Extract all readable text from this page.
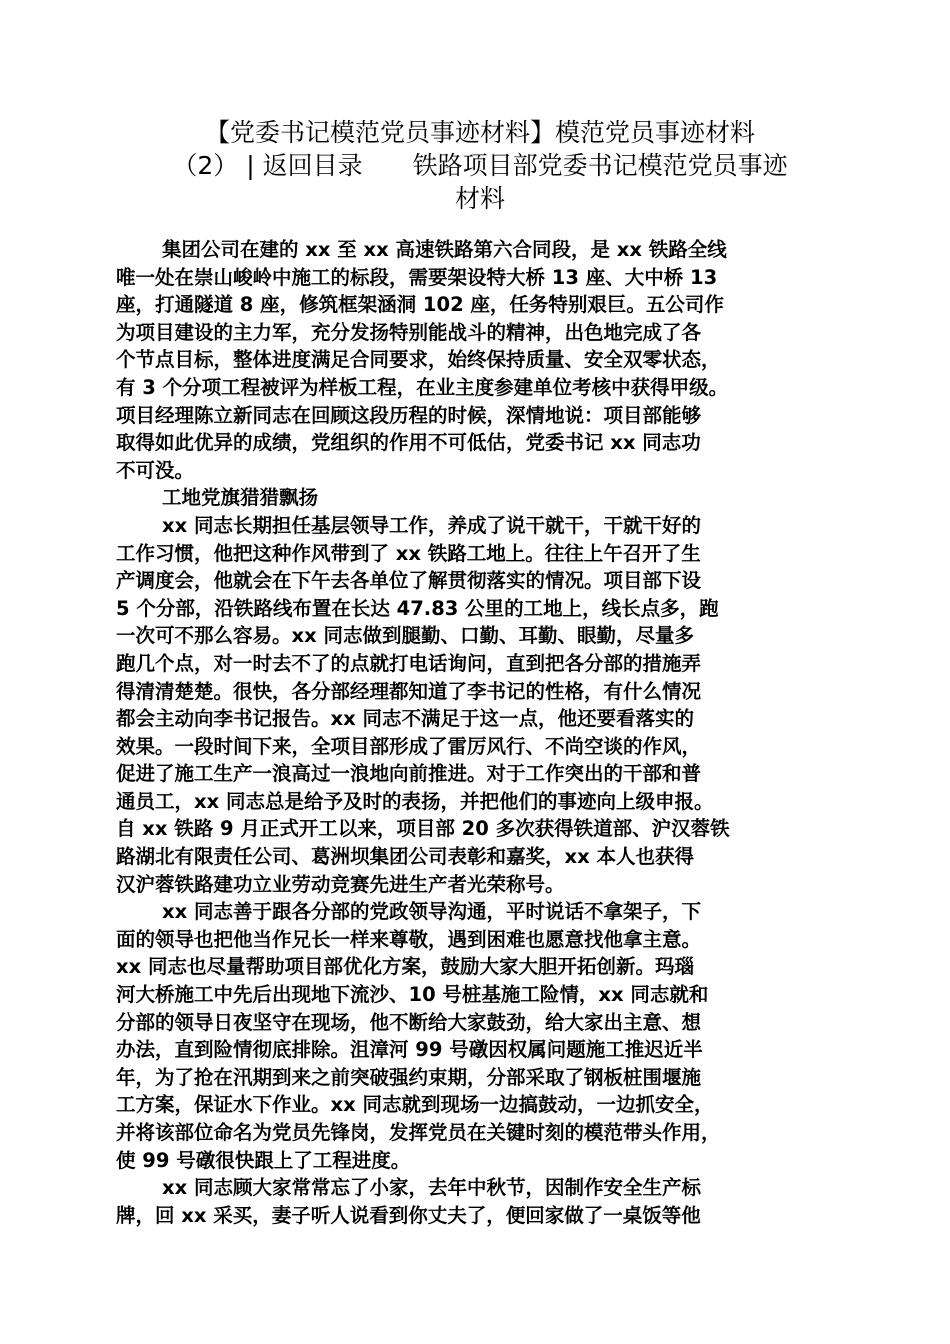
【党委书记模范党员事迹材料】模范党员事迹材料
（2） | 返回目录　　铁路项目部党委书记模范党员事迹
材料
集团公司在建的 xx 至 xx 高速铁路第六合同段，是 xx 铁路全线
唯一处在崇山峻岭中施工的标段，需要架设特大桥 13 座、大中桥 13
座，打通隧道 8 座，修筑框架涵洞 102 座，任务特别艰巨。五公司作
为项目建设的主力军，充分发扬特别能战斗的精神，出色地完成了各
个节点目标，整体进度满足合同要求，始终保持质量、安全双零状态，
有 3 个分项工程被评为样板工程，在业主度参建单位考核中获得甲级。
项目经理陈立新同志在回顾这段历程的时候，深情地说：项目部能够
取得如此优异的成绩，党组织的作用不可低估，党委书记 xx 同志功
不可没。
工地党旗猎猎飘扬
xx 同志长期担任基层领导工作，养成了说干就干，干就干好的
工作习惯，他把这种作风带到了 xx 铁路工地上。往往上午召开了生
产调度会，他就会在下午去各单位了解贯彻落实的情况。项目部下设
5 个分部，沿铁路线布置在长达 47.83 公里的工地上，线长点多，跑
一次可不那么容易。xx 同志做到腿勤、口勤、耳勤、眼勤，尽量多
跑几个点，对一时去不了的点就打电话询问，直到把各分部的措施弄
得清清楚楚。很快，各分部经理都知道了李书记的性格，有什么情况
都会主动向李书记报告。xx 同志不满足于这一点，他还要看落实的
效果。一段时间下来，全项目部形成了雷厉风行、不尚空谈的作风，
促进了施工生产一浪高过一浪地向前推进。对于工作突出的干部和普
通员工，xx 同志总是给予及时的表扬，并把他们的事迹向上级申报。
自 xx 铁路 9 月正式开工以来，项目部 20 多次获得铁道部、沪汉蓉铁
路湖北有限责任公司、葛洲坝集团公司表彰和嘉奖，xx 本人也获得
汉沪蓉铁路建功立业劳动竞赛先进生产者光荣称号。
xx 同志善于跟各分部的党政领导沟通，平时说话不拿架子，下
面的领导也把他当作兄长一样来尊敬，遇到困难也愿意找他拿主意。
xx 同志也尽量帮助项目部优化方案，鼓励大家大胆开拓创新。玛瑙
河大桥施工中先后出现地下流沙、10 号桩基施工险情，xx 同志就和
分部的领导日夜坚守在现场，他不断给大家鼓劲，给大家出主意、想
办法，直到险情彻底排除。沮漳河 99 号礅因权属问题施工推迟近半
年，为了抢在汛期到来之前突破强约束期，分部采取了钢板桩围堰施
工方案，保证水下作业。xx 同志就到现场一边搞鼓动，一边抓安全，
并将该部位命名为党员先锋岗，发挥党员在关键时刻的模范带头作用，
使 99 号礅很快跟上了工程进度。
xx 同志顾大家常常忘了小家，去年中秋节，因制作安全生产标
牌，回 xx 采买，妻子听人说看到你丈夫了，便回家做了一桌饭等他
